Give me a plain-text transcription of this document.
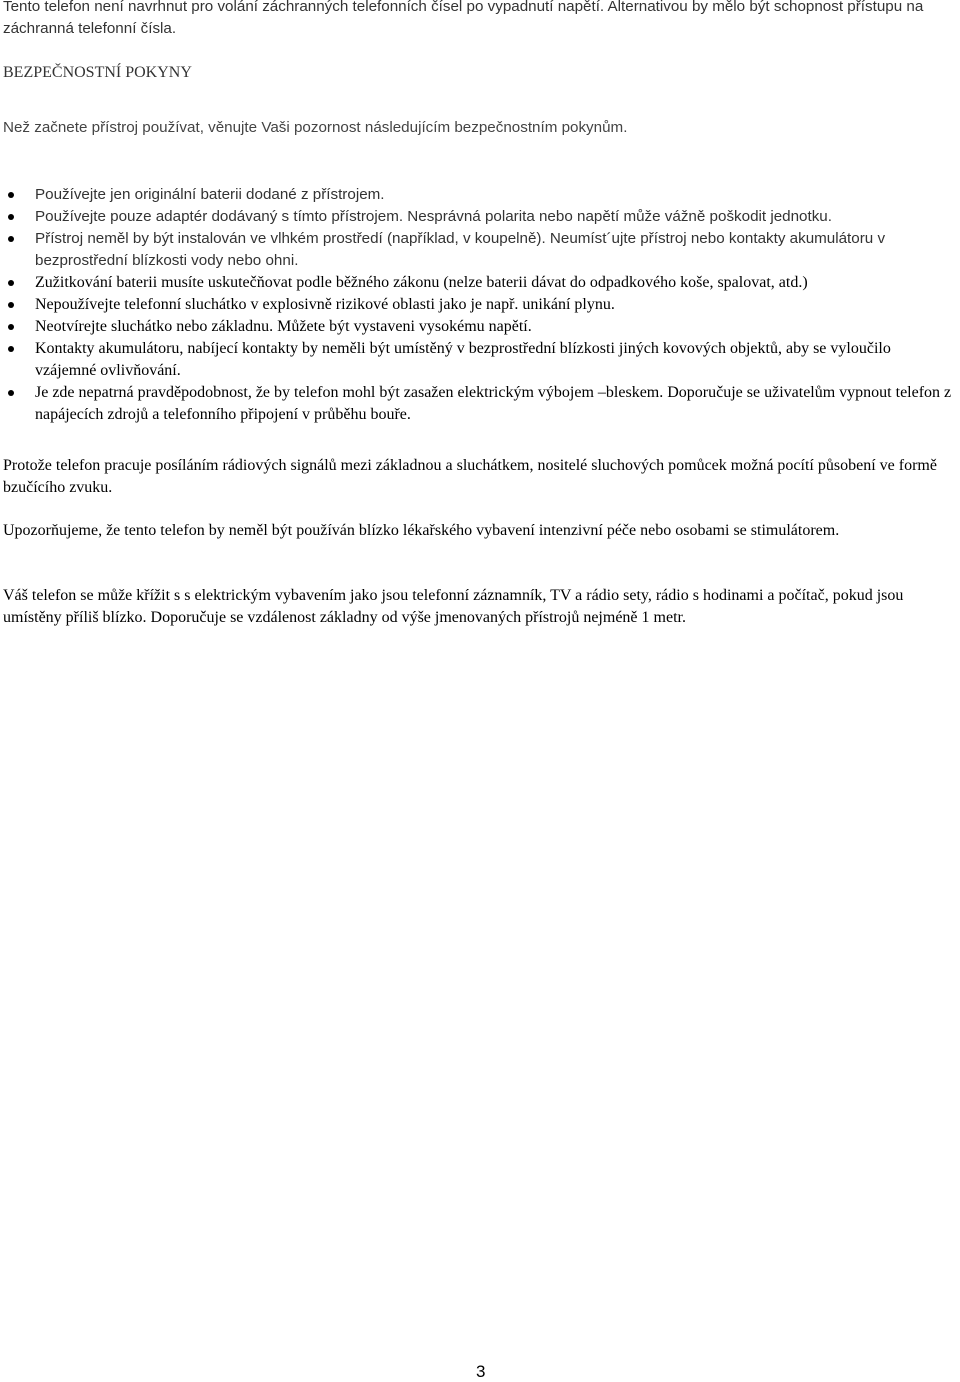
Tento telefon není navrhnut pro volání záchranných telefonních čísel po vypadnutí napětí. Alternativou by mělo být schopnost přístupu na záchranná telefonní čísla.

BEZPEČNOSTNÍ POKYNY

Než začnete přístroj používat, věnujte Vaši pozornost následujícím bezpečnostním pokynům.

Používejte jen originální baterii dodané z přístrojem.
Používejte pouze adaptér dodávaný s tímto přístrojem. Nesprávná polarita nebo napětí může vážně poškodit jednotku.
Přístroj neměl by být instalován ve vlhkém prostředí (například, v koupelně). Neumíst´ujte přístroj nebo kontakty akumulátoru v bezprostřední blízkosti vody nebo ohni.
Zužitkování baterii musíte uskutečňovat podle běžného zákonu (nelze baterii dávat do odpadkového koše, spalovat, atd.)
Nepoužívejte telefonní sluchátko v explosivně rizikové oblasti jako je např. unikání plynu.
Neotvírejte sluchátko nebo základnu. Můžete být vystaveni vysokému napětí.
Kontakty akumulátoru, nabíjecí kontakty by neměli být umístěný v bezprostřední blízkosti jiných kovových objektů, aby se vyloučilo vzájemné ovlivňování.
Je zde nepatrná pravděpodobnost, že by telefon mohl být zasažen elektrickým výbojem –bleskem. Doporučuje se uživatelům vypnout telefon z napájecích zdrojů a telefonního připojení v průběhu bouře.

Protože telefon pracuje posíláním rádiových signálů mezi základnou a sluchátkem, nositelé sluchových pomůcek možná pocítí působení ve formě bzučícího zvuku.

Upozorňujeme, že tento telefon by neměl být používán blízko lékařského vybavení intenzivní péče nebo osobami se stimulátorem.

Váš telefon se může křížit s s elektrickým vybavením jako jsou telefonní záznamník, TV a rádio sety, rádio s hodinami a počítač, pokud jsou umístěny příliš blízko. Doporučuje se vzdálenost základny od výše jmenovaných přístrojů nejméně 1 metr.

3
